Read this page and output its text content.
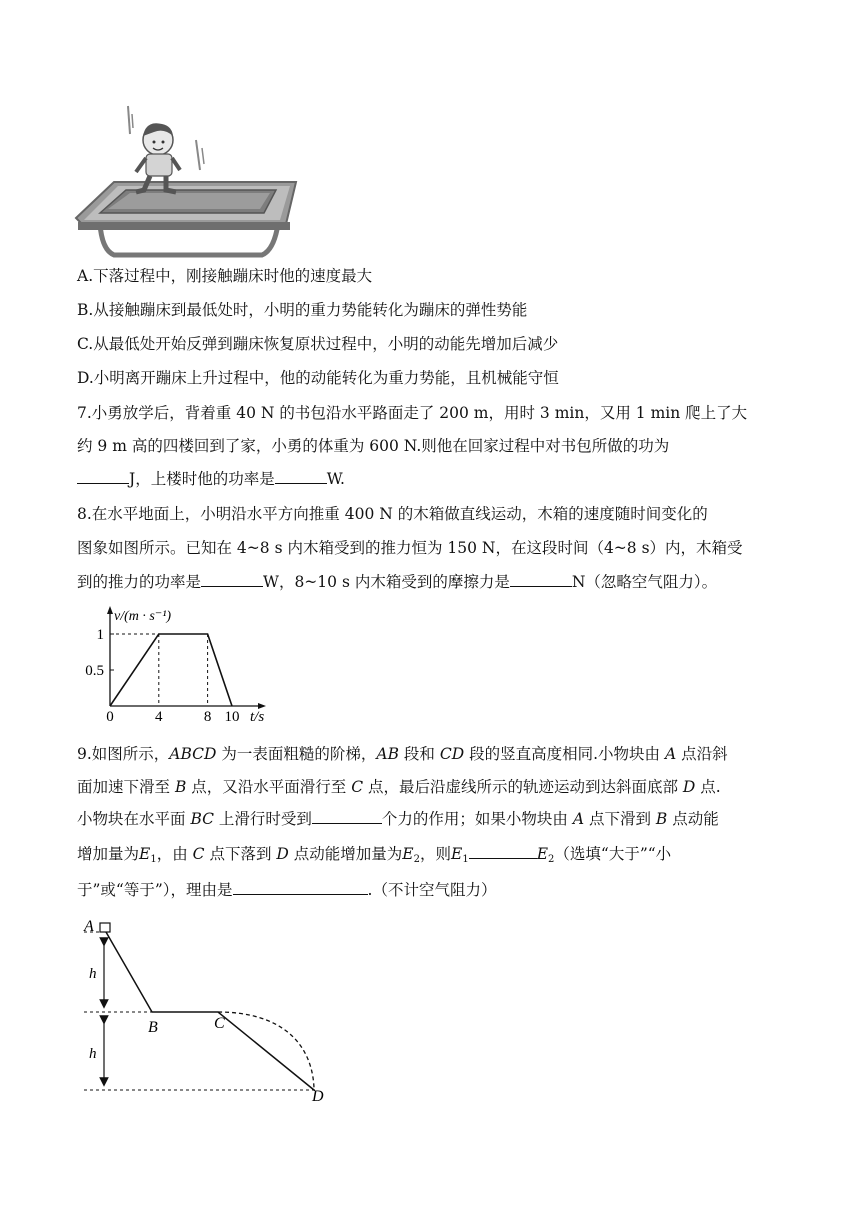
A.下落过程中，刚接触蹦床时他的速度最大
B.从接触蹦床到最低处时，小明的重力势能转化为蹦床的弹性势能
C.从最低处开始反弹到蹦床恢复原状过程中，小明的动能先增加后减少
D.小明离开蹦床上升过程中，他的动能转化为重力势能，且机械能守恒
7.小勇放学后，背着重 40 N 的书包沿水平路面走了 200 m，用时 3 min，又用 1 min 爬上了大
约 9 m 高的四楼回到了家，小勇的体重为 600 N.则他在回家过程中对书包所做的功为
J，上楼时他的功率是	W.
8.在水平地面上，小明沿水平方向推重 400 N 的木箱做直线运动，木箱的速度随时间变化的
图象如图所示。已知在 4~8 s 内木箱受到的推力恒为 150 N，在这段时间（4~8 s）内，木箱受
到的推力的功率是	W，8~10 s 内木箱受到的摩擦力是	N（忽略空气阻力）。
0	4	8 10
0.5
1
v/(m · s⁻¹)
t/s
9.如图所示，ABCD 为一表面粗糙的阶梯，AB 段和 CD 段的竖直高度相同.小物块由 A 点沿斜
面加速下滑至 B 点，又沿水平面滑行至 C 点，最后沿虚线所示的轨迹运动到达斜面底部 D 点.
小物块在水平面 BC 上滑行时受到	个力的作用；如果小物块由 A 点下滑到 B 点动能
增加量为$E_1$，由 C 点下落到 D 点动能增加量为$E_2$，则$E_1$	$E_2$（选填“大于”“小
于”或“等于”），理由是	.（不计空气阻力）
A
B	C
D
h
h
